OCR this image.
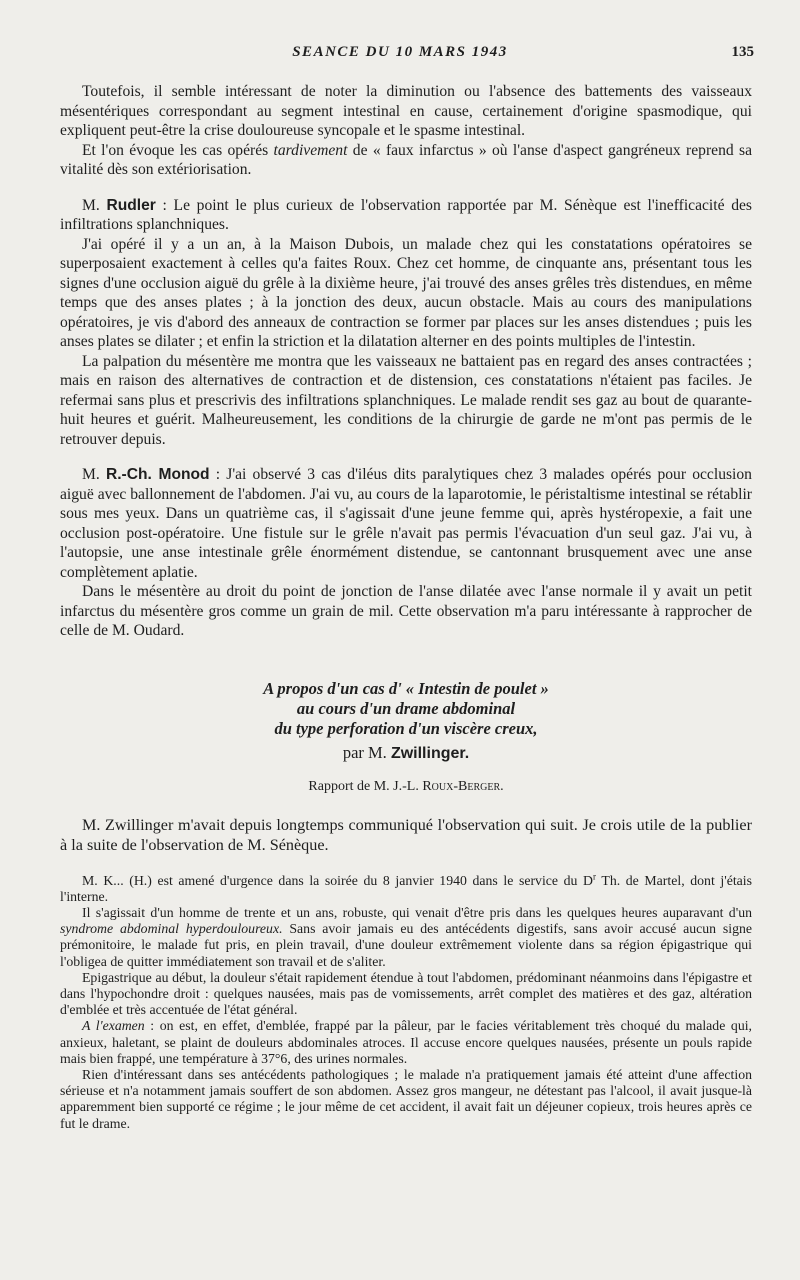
SEANCE DU 10 MARS 1943	135

Toutefois, il semble intéressant de noter la diminution ou l'absence des battements des vaisseaux mésentériques correspondant au segment intestinal en cause, certainement d'origine spasmodique, qui expliquent peut-être la crise douloureuse syncopale et le spasme intestinal.

Et l'on évoque les cas opérés tardivement de « faux infarctus » où l'anse d'aspect gangréneux reprend sa vitalité dès son extériorisation.

M. Rudler : Le point le plus curieux de l'observation rapportée par M. Sénèque est l'inefficacité des infiltrations splanchniques.

J'ai opéré il y a un an, à la Maison Dubois, un malade chez qui les constatations opératoires se superposaient exactement à celles qu'a faites Roux. Chez cet homme, de cinquante ans, présentant tous les signes d'une occlusion aiguë du grêle à la dixième heure, j'ai trouvé des anses grêles très distendues, en même temps que des anses plates ; à la jonction des deux, aucun obstacle. Mais au cours des manipulations opératoires, je vis d'abord des anneaux de contraction se former par places sur les anses distendues ; puis les anses plates se dilater ; et enfin la striction et la dilatation alterner en des points multiples de l'intestin.

La palpation du mésentère me montra que les vaisseaux ne battaient pas en regard des anses contractées ; mais en raison des alternatives de contraction et de distension, ces constatations n'étaient pas faciles. Je refermai sans plus et prescrivis des infiltrations splanchniques. Le malade rendit ses gaz au bout de quarante-huit heures et guérit. Malheureusement, les conditions de la chirurgie de garde ne m'ont pas permis de le retrouver depuis.

M. R.-Ch. Monod : J'ai observé 3 cas d'iléus dits paralytiques chez 3 malades opérés pour occlusion aiguë avec ballonnement de l'abdomen. J'ai vu, au cours de la laparotomie, le péristaltisme intestinal se rétablir sous mes yeux. Dans un quatrième cas, il s'agissait d'une jeune femme qui, après hystéropexie, a fait une occlusion post-opératoire. Une fistule sur le grêle n'avait pas permis l'évacuation d'un seul gaz. J'ai vu, à l'autopsie, une anse intestinale grêle énormément distendue, se cantonnant brusquement avec une anse complètement aplatie.

Dans le mésentère au droit du point de jonction de l'anse dilatée avec l'anse normale il y avait un petit infarctus du mésentère gros comme un grain de mil. Cette observation m'a paru intéressante à rapprocher de celle de M. Oudard.

A propos d'un cas d' « Intestin de poulet »
au cours d'un drame abdominal
du type perforation d'un viscère creux,

par M. Zwillinger.

Rapport de M. J.-L. Roux-Berger.

M. Zwillinger m'avait depuis longtemps communiqué l'observation qui suit. Je crois utile de la publier à la suite de l'observation de M. Sénèque.

M. K... (H.) est amené d'urgence dans la soirée du 8 janvier 1940 dans le service du $D^r$ Th. de Martel, dont j'étais l'interne.

Il s'agissait d'un homme de trente et un ans, robuste, qui venait d'être pris dans les quelques heures auparavant d'un syndrome abdominal hyperdouloureux. Sans avoir jamais eu des antécédents digestifs, sans avoir accusé aucun signe prémonitoire, le malade fut pris, en plein travail, d'une douleur extrêmement violente dans sa région épigastrique qui l'obligea de quitter immédiatement son travail et de s'aliter.

Epigastrique au début, la douleur s'était rapidement étendue à tout l'abdomen, prédominant néanmoins dans l'épigastre et dans l'hypochondre droit : quelques nausées, mais pas de vomissements, arrêt complet des matières et des gaz, altération d'emblée et très accentuée de l'état général.

A l'examen : on est, en effet, d'emblée, frappé par la pâleur, par le facies véritablement très choqué du malade qui, anxieux, haletant, se plaint de douleurs abdominales atroces. Il accuse encore quelques nausées, présente un pouls rapide mais bien frappé, une température à 37°6, des urines normales.

Rien d'intéressant dans ses antécédents pathologiques ; le malade n'a pratiquement jamais été atteint d'une affection sérieuse et n'a notamment jamais souffert de son abdomen. Assez gros mangeur, ne détestant pas l'alcool, il avait jusque-là apparemment bien supporté ce régime ; le jour même de cet accident, il avait fait un déjeuner copieux, trois heures après ce fut le drame.
